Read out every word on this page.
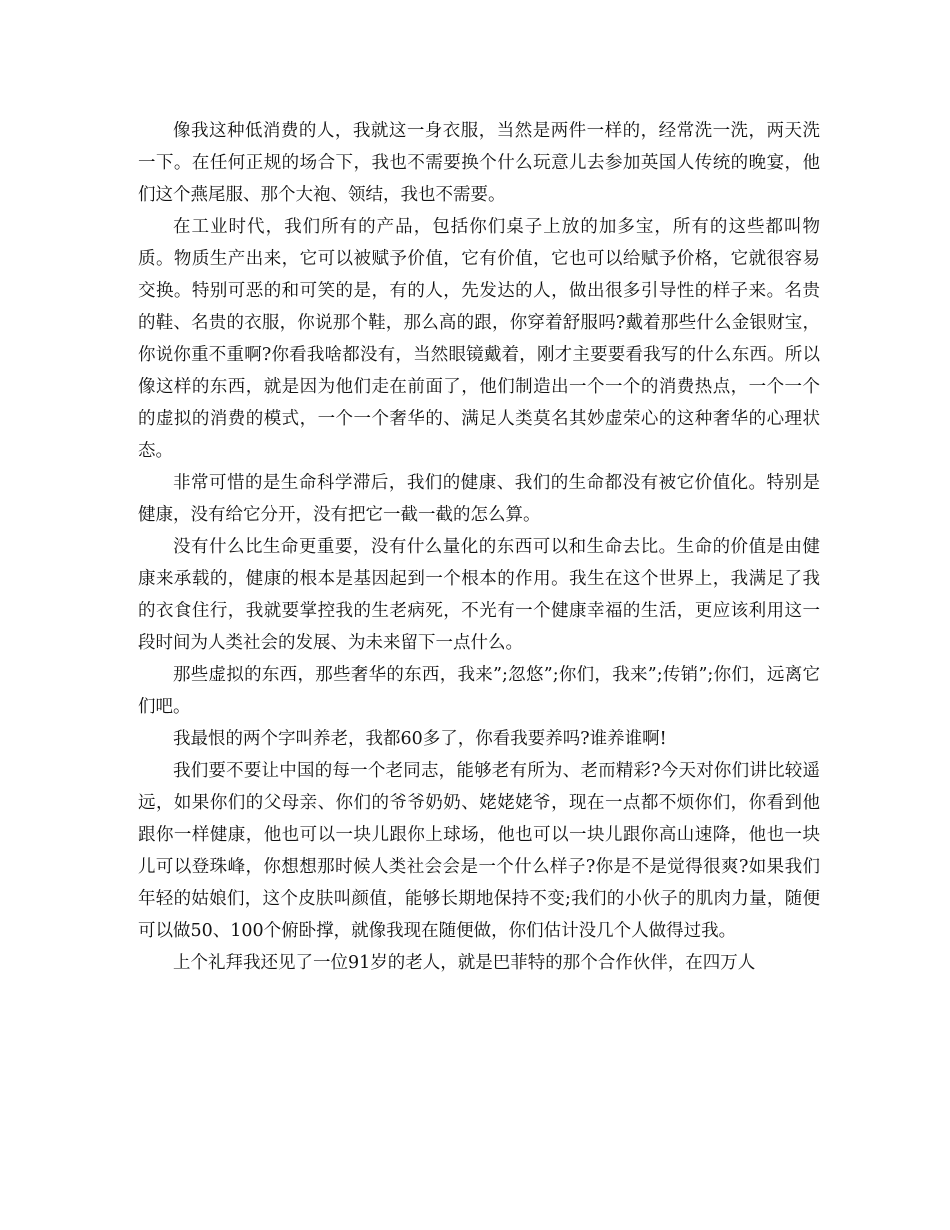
像我这种低消费的人，我就这一身衣服，当然是两件一样的，经常洗一洗，两天洗一下。在任何正规的场合下，我也不需要换个什么玩意儿去参加英国人传统的晚宴，他们这个燕尾服、那个大袍、领结，我也不需要。

在工业时代，我们所有的产品，包括你们桌子上放的加多宝，所有的这些都叫物质。物质生产出来，它可以被赋予价值，它有价值，它也可以给赋予价格，它就很容易交换。特别可恶的和可笑的是，有的人，先发达的人，做出很多引导性的样子来。名贵的鞋、名贵的衣服，你说那个鞋，那么高的跟，你穿着舒服吗?戴着那些什么金银财宝，你说你重不重啊?你看我啥都没有，当然眼镜戴着，刚才主要要看我写的什么东西。所以像这样的东西，就是因为他们走在前面了，他们制造出一个一个的消费热点，一个一个的虚拟的消费的模式，一个一个奢华的、满足人类莫名其妙虚荣心的这种奢华的心理状态。

非常可惜的是生命科学滞后，我们的健康、我们的生命都没有被它价值化。特别是健康，没有给它分开，没有把它一截一截的怎么算。

没有什么比生命更重要，没有什么量化的东西可以和生命去比。生命的价值是由健康来承载的，健康的根本是基因起到一个根本的作用。我生在这个世界上，我满足了我的衣食住行，我就要掌控我的生老病死，不光有一个健康幸福的生活，更应该利用这一段时间为人类社会的发展、为未来留下一点什么。

那些虚拟的东西，那些奢华的东西，我来”;忽悠”;你们，我来”;传销”;你们，远离它们吧。

我最恨的两个字叫养老，我都60多了，你看我要养吗?谁养谁啊!

我们要不要让中国的每一个老同志，能够老有所为、老而精彩?今天对你们讲比较遥远，如果你们的父母亲、你们的爷爷奶奶、姥姥姥爷，现在一点都不烦你们，你看到他跟你一样健康，他也可以一块儿跟你上球场，他也可以一块儿跟你高山速降，他也一块儿可以登珠峰，你想想那时候人类社会会是一个什么样子?你是不是觉得很爽?如果我们年轻的姑娘们，这个皮肤叫颜值，能够长期地保持不变;我们的小伙子的肌肉力量，随便可以做50、100个俯卧撑，就像我现在随便做，你们估计没几个人做得过我。

上个礼拜我还见了一位91岁的老人，就是巴菲特的那个合作伙伴，在四万人
